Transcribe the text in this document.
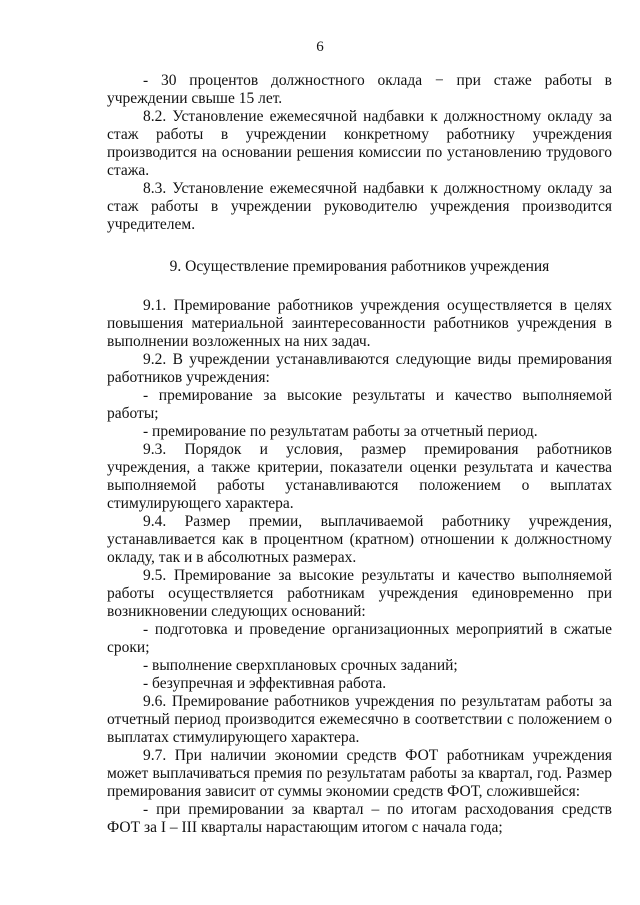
6

- 30 процентов должностного оклада − при стаже работы в учреждении свыше 15 лет.

8.2. Установление ежемесячной надбавки к должностному окладу за стаж работы в учреждении конкретному работнику учреждения производится на основании решения комиссии по установлению трудового стажа.

8.3. Установление ежемесячной надбавки к должностному окладу за стаж работы в учреждении руководителю учреждения производится учредителем.

9. Осуществление премирования работников учреждения

9.1. Премирование работников учреждения осуществляется в целях повышения материальной заинтересованности работников учреждения в выполнении возложенных на них задач.

9.2. В учреждении устанавливаются следующие виды премирования работников учреждения:

- премирование за высокие результаты и качество выполняемой работы;

- премирование по результатам работы за отчетный период.

9.3. Порядок и условия, размер премирования работников учреждения, а также критерии, показатели оценки результата и качества выполняемой работы устанавливаются положением о выплатах стимулирующего характера.

9.4. Размер премии, выплачиваемой работнику учреждения, устанавливается как в процентном (кратном) отношении к должностному окладу, так и в абсолютных размерах.

9.5. Премирование за высокие результаты и качество выполняемой работы осуществляется работникам учреждения единовременно при возникновении следующих оснований:

- подготовка и проведение организационных мероприятий в сжатые сроки;

- выполнение сверхплановых срочных заданий;

- безупречная и эффективная работа.

9.6. Премирование работников учреждения по результатам работы за отчетный период производится ежемесячно в соответствии с положением о выплатах стимулирующего характера.

9.7. При наличии экономии средств ФОТ работникам учреждения может выплачиваться премия по результатам работы за квартал, год. Размер премирования зависит от суммы экономии средств ФОТ, сложившейся:

- при премировании за квартал – по итогам расходования средств ФОТ за I – III кварталы нарастающим итогом с начала года;
